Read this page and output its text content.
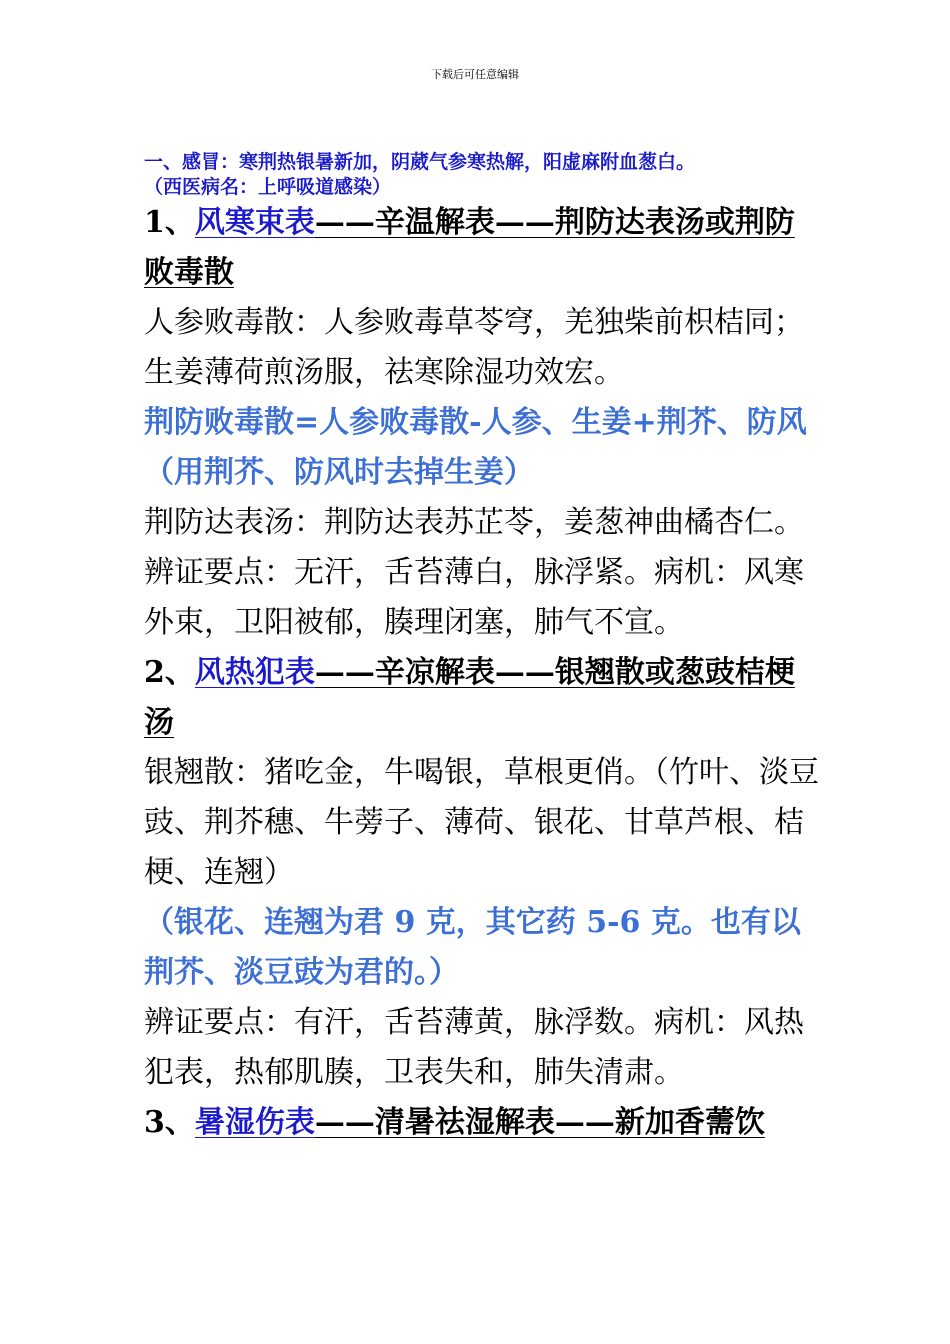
下载后可任意编辑
一、感冒：寒荆热银暑新加，阴葳气参寒热解，阳虚麻附血葱白。
（西医病名：上呼吸道感染）

1、风寒束表——辛温解表——荆防达表汤或荆防败毒散

人参败毒散：人参败毒草苓穹，羌独柴前枳桔同；生姜薄荷煎汤服，祛寒除湿功效宏。

荆防败毒散=人参败毒散-人参、生姜+荆芥、防风（用荆芥、防风时去掉生姜）

荆防达表汤：荆防达表苏芷苓，姜葱神曲橘杏仁。

辨证要点：无汗，舌苔薄白，脉浮紧。病机：风寒外束，卫阳被郁，腠理闭塞，肺气不宣。

2、风热犯表——辛凉解表——银翘散或葱豉桔梗汤

银翘散：猪吃金，牛喝银，草根更俏。（竹叶、淡豆豉、荆芥穗、牛蒡子、薄荷、银花、甘草芦根、桔梗、连翘）

（银花、连翘为君 9 克，其它药 5-6 克。也有以荆芥、淡豆豉为君的。）

辨证要点：有汗，舌苔薄黄，脉浮数。病机：风热犯表，热郁肌腠，卫表失和，肺失清肃。

3、暑湿伤表——清暑祛湿解表——新加香薷饮
